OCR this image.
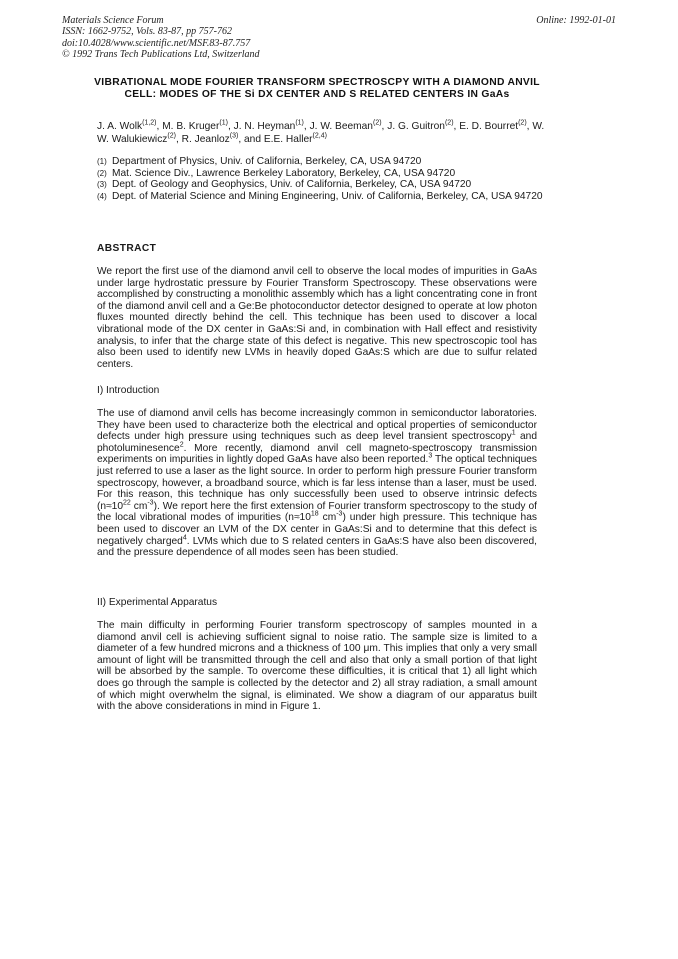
Materials Science Forum
ISSN: 1662-9752, Vols. 83-87, pp 757-762
doi:10.4028/www.scientific.net/MSF.83-87.757
© 1992 Trans Tech Publications Ltd, Switzerland
Online: 1992-01-01
VIBRATIONAL MODE FOURIER TRANSFORM SPECTROSCPY WITH A DIAMOND ANVIL CELL: MODES OF THE Si DX CENTER AND S RELATED CENTERS IN GaAs
J. A. Wolk$^{(1,2)}$, M. B. Kruger$^{(1)}$, J. N. Heyman$^{(1)}$, J. W. Beeman$^{(2)}$, J. G. Guitron$^{(2)}$, E. D. Bourret$^{(2)}$, W. W. Walukiewicz$^{(2)}$, R. Jeanloz$^{(3)}$, and E.E. Haller$^{(2,4)}$
(1) Department of Physics, Univ. of California, Berkeley, CA, USA 94720
(2) Mat. Science Div., Lawrence Berkeley Laboratory, Berkeley, CA, USA 94720
(3) Dept. of Geology and Geophysics, Univ. of California, Berkeley, CA, USA 94720
(4) Dept. of Material Science and Mining Engineering, Univ. of California, Berkeley, CA, USA 94720
ABSTRACT

We report the first use of the diamond anvil cell to observe the local modes of impurities in GaAs under large hydrostatic pressure by Fourier Transform Spectroscopy. These observations were accomplished by constructing a monolithic assembly which has a light concentrating cone in front of the diamond anvil cell and a Ge:Be photoconductor detector designed to operate at low photon fluxes mounted directly behind the cell. This technique has been used to discover a local vibrational mode of the DX center in GaAs:Si and, in combination with Hall effect and resistivity analysis, to infer that the charge state of this defect is negative. This new spectroscopic tool has also been used to identify new LVMs in heavily doped GaAs:S which are due to sulfur related centers.

I) Introduction

The use of diamond anvil cells has become increasingly common in semiconductor laboratories. They have been used to characterize both the electrical and optical properties of semiconductor defects under high pressure using techniques such as deep level transient spectroscopy$^1$ and photoluminesence$^2$. More recently, diamond anvil cell magneto-spectroscopy transmission experiments on impurities in lightly doped GaAs have also been reported.$^3$ The optical techniques just referred to use a laser as the light source. In order to perform high pressure Fourier transform spectroscopy, however, a broadband source, which is far less intense than a laser, must be used. For this reason, this technique has only successfully been used to observe intrinsic defects ($n\approx 10^{22}$ $cm^{-3}$). We report here the first extension of Fourier transform spectroscopy to the study of the local vibrational modes of impurities ($n\approx 10^{18}$ $cm^{-3}$) under high pressure. This technique has been used to discover an LVM of the DX center in GaAs:Si and to determine that this defect is negatively charged$^4$. LVMs which due to S related centers in GaAs:S have also been discovered, and the pressure dependence of all modes seen has been studied.

II) Experimental Apparatus

The main difficulty in performing Fourier transform spectroscopy of samples mounted in a diamond anvil cell is achieving sufficient signal to noise ratio. The sample size is limited to a diameter of a few hundred microns and a thickness of 100 μm. This implies that only a very small amount of light will be transmitted through the cell and also that only a small portion of that light will be absorbed by the sample. To overcome these difficulties, it is critical that 1) all light which does go through the sample is collected by the detector and 2) all stray radiation, a small amount of which might overwhelm the signal, is eliminated. We show a diagram of our apparatus built with the above considerations in mind in Figure 1.
